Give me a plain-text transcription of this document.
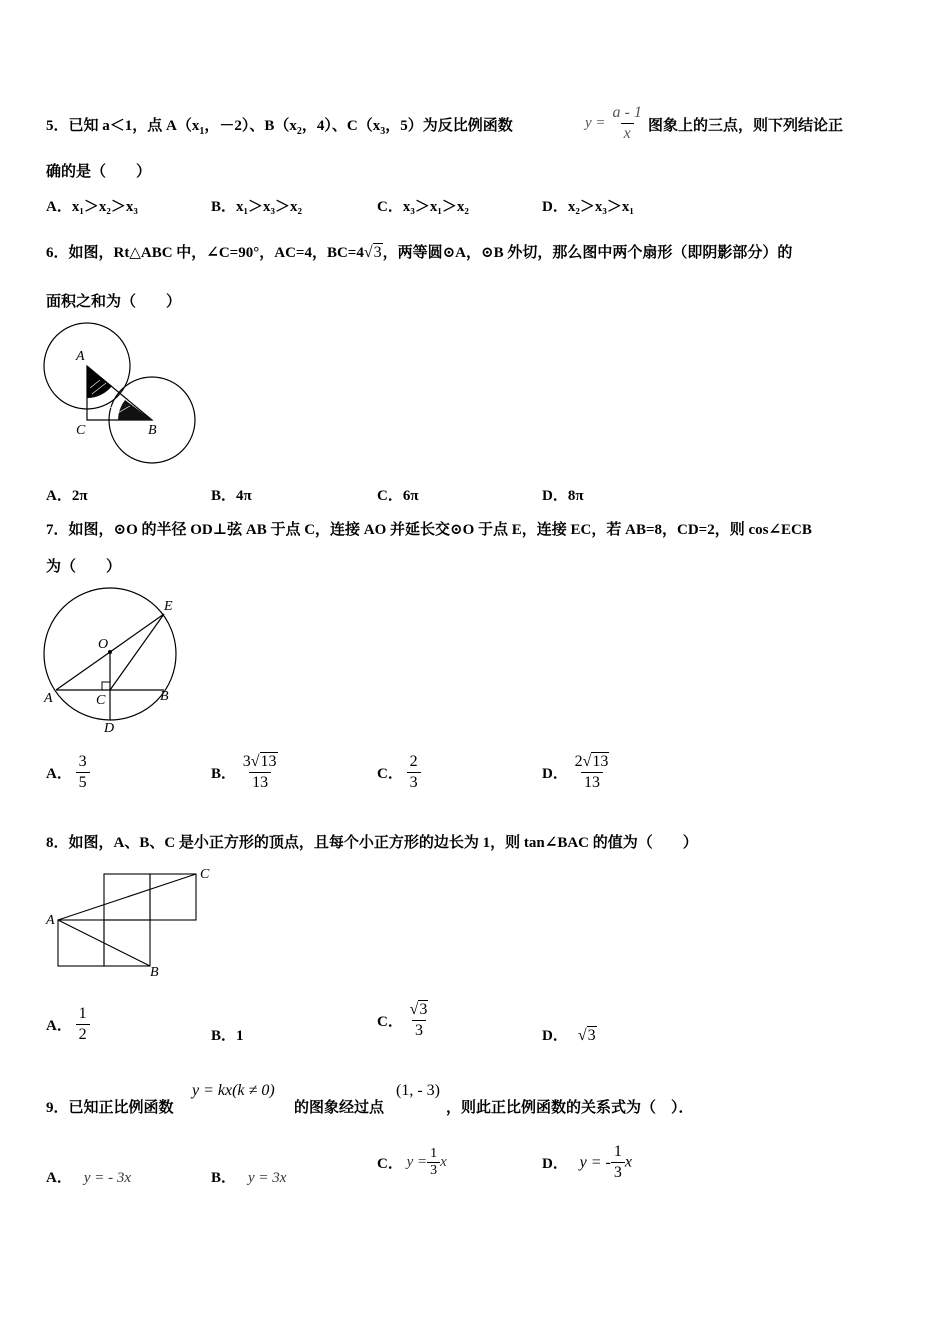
5．已知 a＜1，点 $A(x_1$，－2）、$B(x_2$，4）、$C(x_3$，5）为反比例函数	$y = \frac{a - 1}{x}$ 图象上的三点，则下列结论正
确的是（　　）
A．x₁＞x₂＞x₃	B．x₁＞x₃＞x₂	C．x₃＞x₁＞x₂	D．x₂＞x₃＞x₁
6．如图，Rt△ABC 中，∠C=90°，AC=4，BC=4√3，两等圆⊙A，⊙B 外切，那么图中两个扇形（即阴影部分）的
面积之和为（　　）
A
C	B
A．2π	B．4π	C．6π	D．8π
7．如图，⊙O 的半径 OD⊥弦 AB 于点 C，连接 AO 并延长交⊙O 于点 E，连接 EC，若 AB=8，CD=2，则 cos∠ECB
为（　　）
O
E
A	B
C
D
A． $\frac{3}{5}$	B． $\frac{3√13}{13}$	C． $\frac{2}{3}$	D． $\frac{2√13}{13}$
8．如图，A、B、C 是小正方形的顶点，且每个小正方形的边长为 1，则 tan∠BAC 的值为（　　）
A
C
B
A． $\frac{1}{2}$	B．1
C． $\frac{√3}{3}$	D． √3
9．已知正比例函数
y = kx(k ≠ 0)
的图象经过点
(1, - 3)
，则此正比例函数的关系式为（　）．
A． y = - 3x	B． y = 3x
C． $y = \frac{1}{3}$ x	D． y = - $\frac{1}{3}$ x
